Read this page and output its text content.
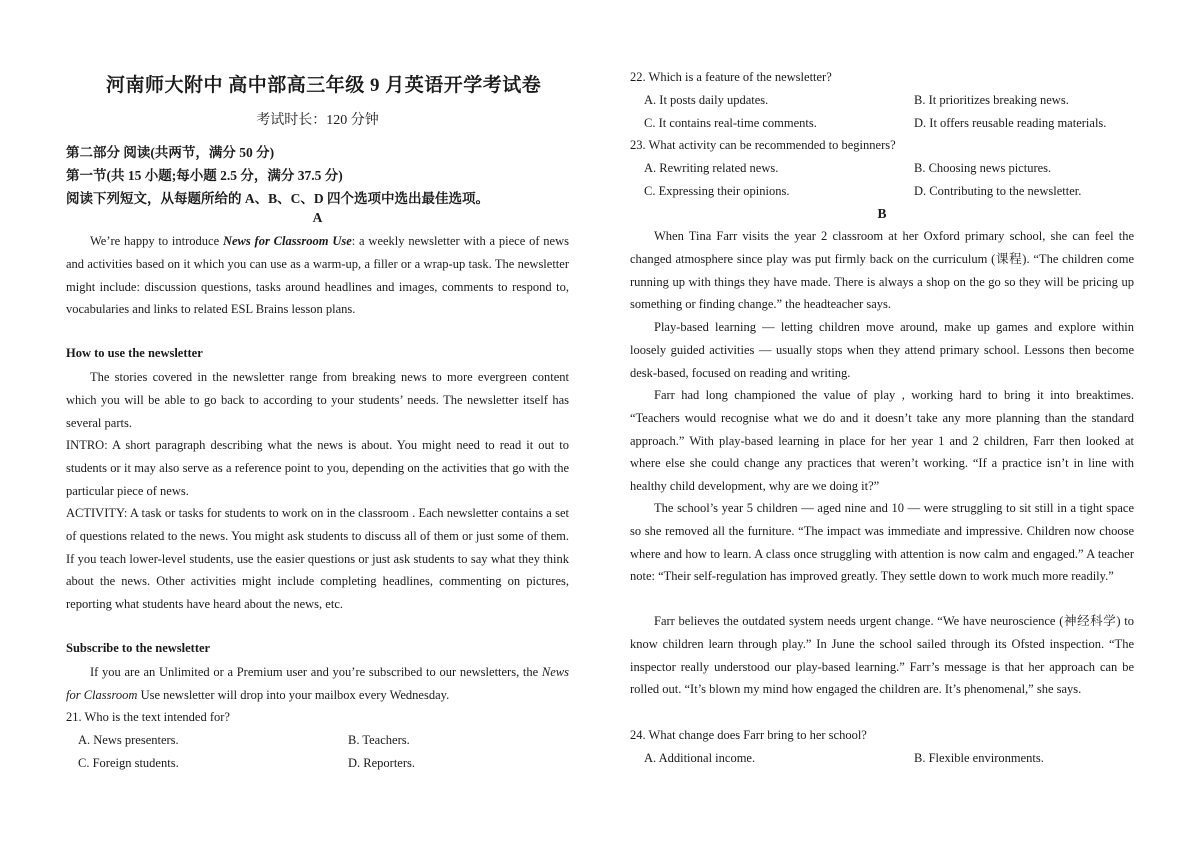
河南师大附中 高中部高三年级 9 月英语开学考试卷
考试时长：120 分钟
第二部分 阅读(共两节，满分 50 分)
第一节(共 15 小题;每小题 2.5 分，满分 37.5 分)
阅读下列短文，从每题所给的 A、B、C、D 四个选项中选出最佳选项。
A

We’re happy to introduce News for Classroom Use: a weekly newsletter with a piece of news and activities based on it which you can use as a warm-up, a filler or a wrap-up task. The newsletter might include: discussion questions, tasks around headlines and images, comments to respond to, vocabularies and links to related ESL Brains lesson plans.

How to use the newsletter

The stories covered in the newsletter range from breaking news to more evergreen content which you will be able to go back to according to your students’ needs. The newsletter itself has several parts.

INTRO: A short paragraph describing what the news is about. You might need to read it out to students or it may also serve as a reference point to you, depending on the activities that go with the particular piece of news.

ACTIVITY: A task or tasks for students to work on in the classroom . Each newsletter contains a set of questions related to the news. You might ask students to discuss all of them or just some of them. If you teach lower-level students, use the easier questions or just ask students to say what they think about the news. Other activities might include completing headlines, commenting on pictures, reporting what students have heard about the news, etc.

Subscribe to the newsletter

If you are an Unlimited or a Premium user and you’re subscribed to our newsletters, the News for Classroom Use newsletter will drop into your mailbox every Wednesday.

21. Who is the text intended for?
A. News presenters.	B. Teachers.
C. Foreign students.	D. Reporters.
22. Which is a feature of the newsletter?
A. It posts daily updates.	B. It prioritizes breaking news.
C. It contains real-time comments.	D. It offers reusable reading materials.
23. What activity can be recommended to beginners?
A. Rewriting related news.	B. Choosing news pictures.
C. Expressing their opinions.	D. Contributing to the newsletter.
B

When Tina Farr visits the year 2 classroom at her Oxford primary school, she can feel the changed atmosphere since play was put firmly back on the curriculum (课程). “The children come running up with things they have made. There is always a shop on the go so they will be pricing up something or finding change.” the headteacher says.

Play-based learning — letting children move around, make up games and explore within loosely guided activities — usually stops when they attend primary school. Lessons then become desk-based, focused on reading and writing.

Farr had long championed the value of play , working hard to bring it into breaktimes. “Teachers would recognise what we do and it doesn’t take any more planning than the standard approach.” With play-based learning in place for her year 1 and 2 children, Farr then looked at where else she could change any practices that weren’t working. “If a practice isn’t in line with healthy child development, why are we doing it?”

The school’s year 5 children — aged nine and 10 — were struggling to sit still in a tight space so she removed all the furniture. “The impact was immediate and impressive. Children now choose where and how to learn. A class once struggling with attention is now calm and engaged.” A teacher note: “Their self-regulation has improved greatly. They settle down to work much more readily.”

Farr believes the outdated system needs urgent change. “We have neuroscience (神经科学) to know children learn through play.” In June the school sailed through its Ofsted inspection. “The inspector really understood our play-based learning.” Farr’s message is that her approach can be rolled out. “It’s blown my mind how engaged the children are. It’s phenomenal,” she says.

24. What change does Farr bring to her school?
A. Additional income.	B. Flexible environments.
